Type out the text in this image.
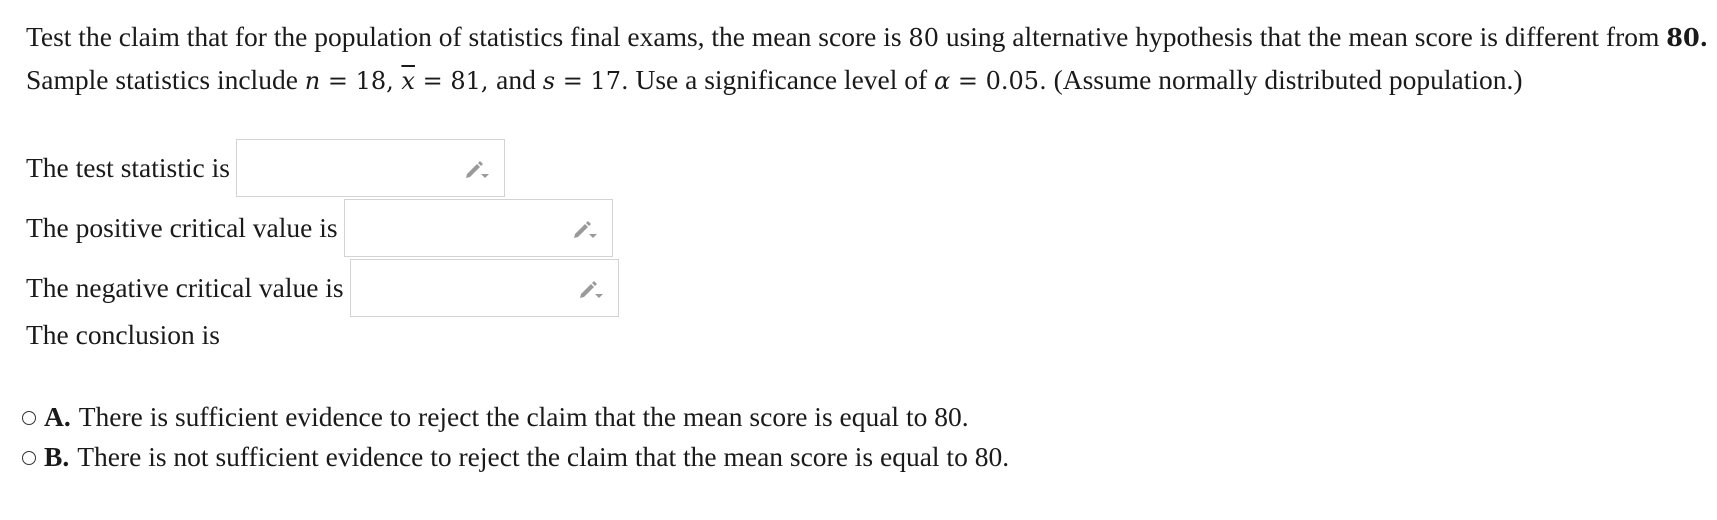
Test the claim that for the population of statistics final exams, the mean score is 80 using alternative hypothesis that the mean score is different from 80.
Sample statistics include n = 18, $\overline{x} = 81$, and s = 17. Use a significance level of α = 0.05. (Assume normally distributed population.)
The test statistic is
The positive critical value is
The negative critical value is
The conclusion is
A. There is sufficient evidence to reject the claim that the mean score is equal to 80.
B. There is not sufficient evidence to reject the claim that the mean score is equal to 80.
